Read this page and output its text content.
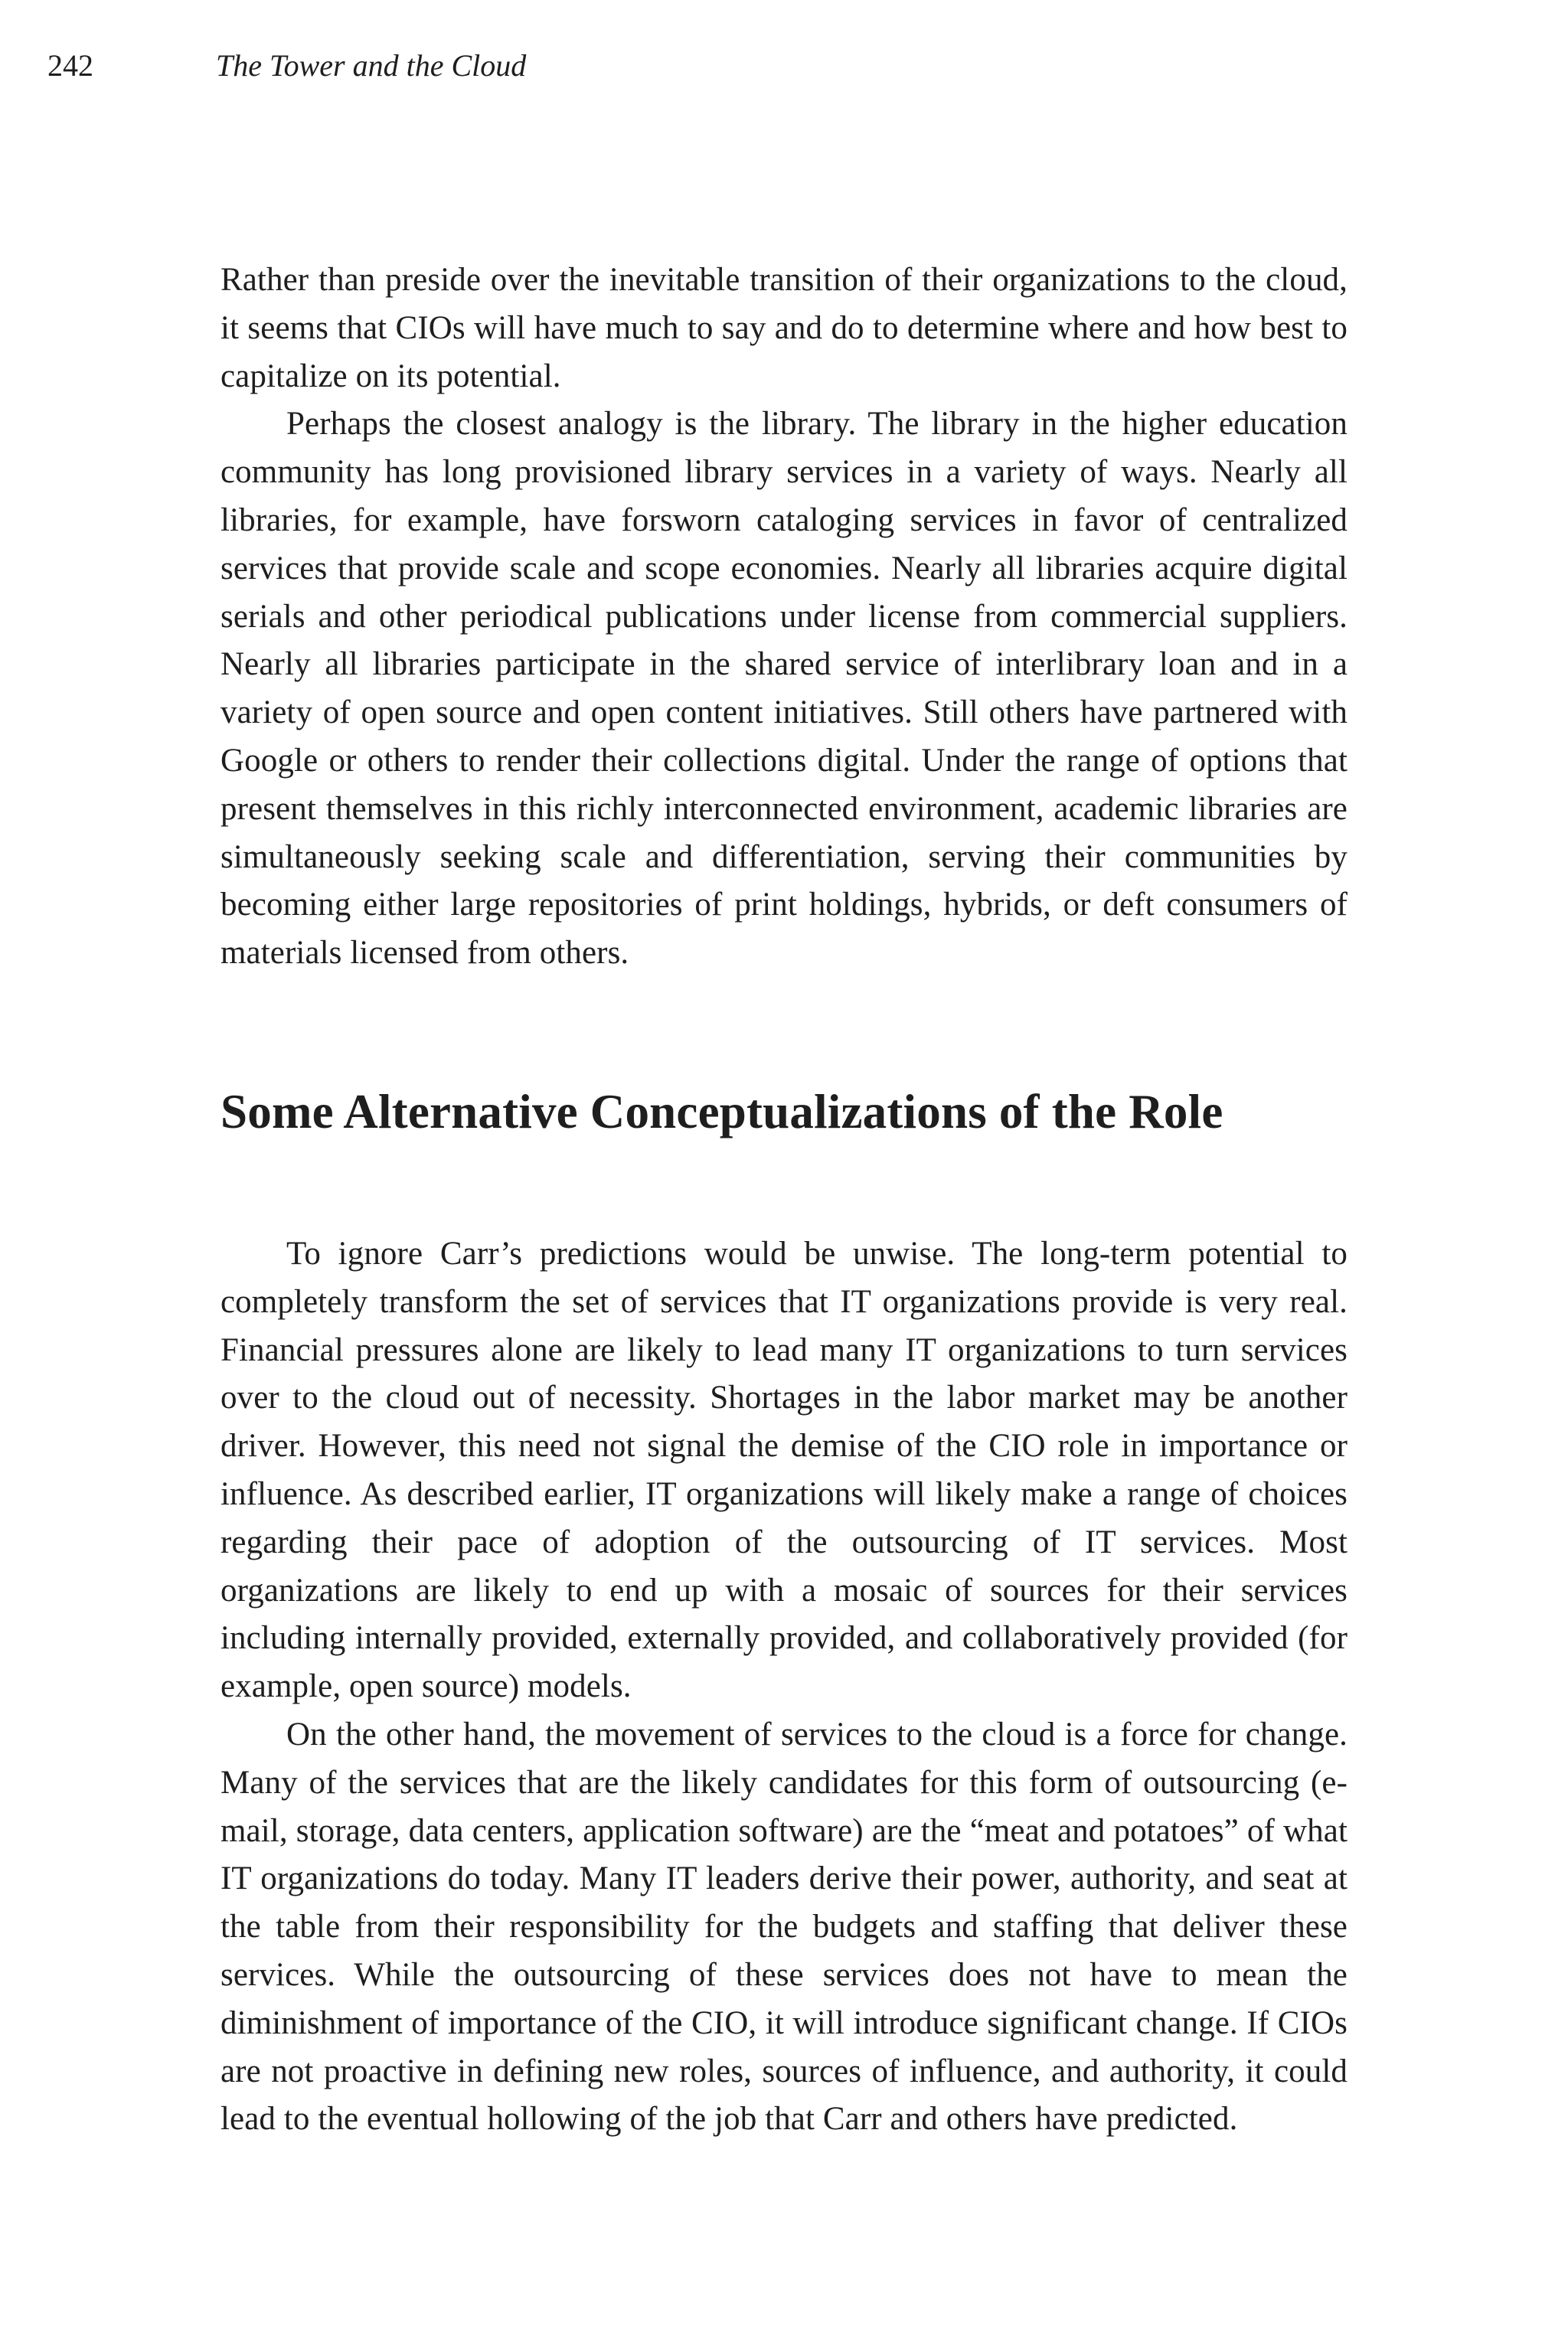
242	The Tower and the Cloud

Rather than preside over the inevitable transition of their organizations to the cloud, it seems that CIOs will have much to say and do to determine where and how best to capitalize on its potential.

Perhaps the closest analogy is the library. The library in the higher education community has long provisioned library services in a variety of ways. Nearly all libraries, for example, have forsworn cataloging services in favor of centralized services that provide scale and scope economies. Nearly all libraries acquire digital serials and other periodical publications under license from commercial suppliers. Nearly all libraries participate in the shared service of interlibrary loan and in a variety of open source and open content initiatives. Still others have partnered with Google or others to render their collections digital. Under the range of options that present themselves in this richly interconnected environment, academic libraries are simultaneously seeking scale and differentiation, serving their communities by becoming either large repositories of print holdings, hybrids, or deft consumers of materials licensed from others.

Some Alternative Conceptualizations of the Role

To ignore Carr’s predictions would be unwise. The long-term potential to completely transform the set of services that IT organizations provide is very real. Financial pressures alone are likely to lead many IT organizations to turn services over to the cloud out of necessity. Shortages in the labor market may be another driver. However, this need not signal the demise of the CIO role in importance or influence. As described earlier, IT organizations will likely make a range of choices regarding their pace of adoption of the outsourcing of IT services. Most organizations are likely to end up with a mosaic of sources for their services including internally provided, externally provided, and collaboratively provided (for example, open source) models.

On the other hand, the movement of services to the cloud is a force for change. Many of the services that are the likely candidates for this form of outsourcing (e-mail, storage, data centers, application software) are the “meat and potatoes” of what IT organizations do today. Many IT leaders derive their power, authority, and seat at the table from their responsibility for the budgets and staffing that deliver these services. While the outsourcing of these services does not have to mean the diminishment of importance of the CIO, it will introduce significant change. If CIOs are not proactive in defining new roles, sources of influence, and authority, it could lead to the eventual hollowing of the job that Carr and others have predicted.
